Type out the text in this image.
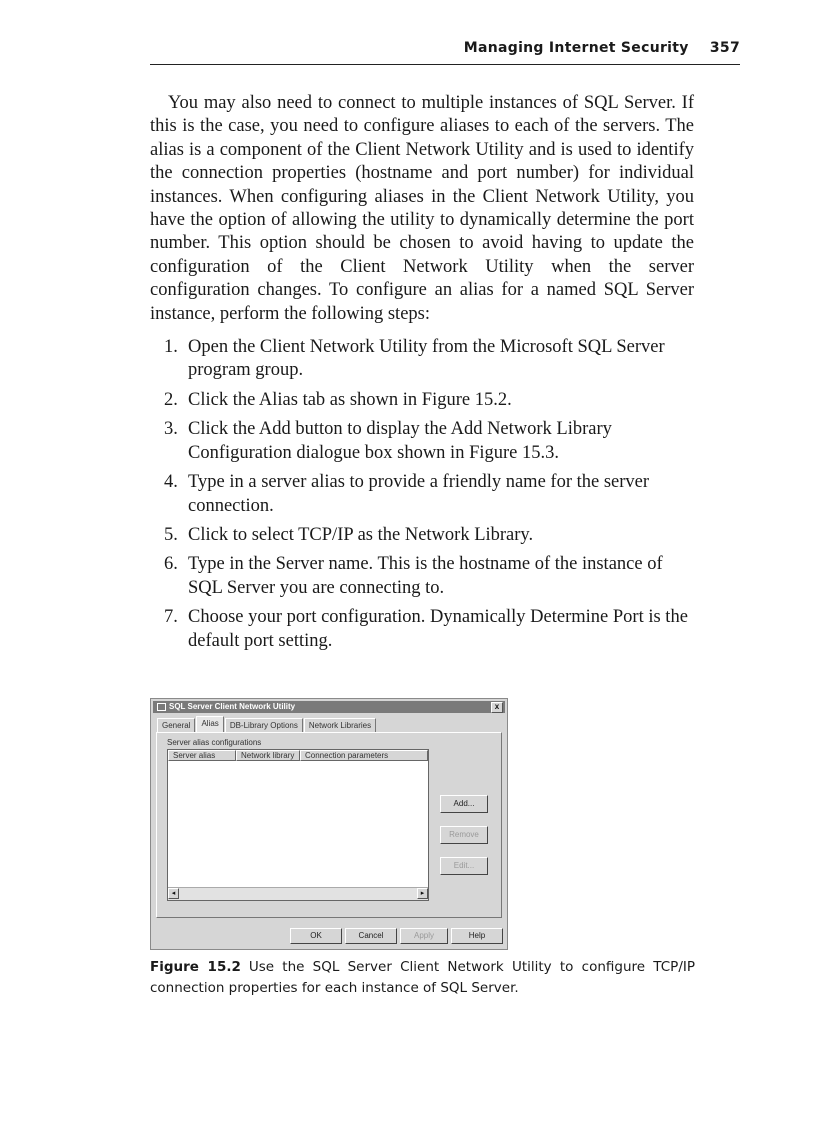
Managing Internet Security 357

You may also need to connect to multiple instances of SQL Server. If this is the case, you need to configure aliases to each of the servers. The alias is a component of the Client Network Utility and is used to identify the connection properties (hostname and port number) for individual instances. When configuring aliases in the Client Network Utility, you have the option of allowing the utility to dynamically determine the port number. This option should be chosen to avoid having to update the configuration of the Client Network Utility when the server configuration changes. To configure an alias for a named SQL Server instance, perform the following steps:

1. Open the Client Network Utility from the Microsoft SQL Server program group.
2. Click the Alias tab as shown in Figure 15.2.
3. Click the Add button to display the Add Network Library Configuration dialogue box shown in Figure 15.3.
4. Type in a server alias to provide a friendly name for the server connection.
5. Click to select TCP/IP as the Network Library.
6. Type in the Server name. This is the hostname of the instance of SQL Server you are connecting to.
7. Choose your port configuration. Dynamically Determine Port is the default port setting.
SQL Server Client Network Utility	x
General	Alias	DB-Library Options	Network Libraries
Server alias configurations
Server alias	Network library	Connection parameters
◂	▸
Add...
Remove
Edit...
OK	Cancel	Apply	Help
Figure 15.2 Use the SQL Server Client Network Utility to configure TCP/IP connection properties for each instance of SQL Server.
